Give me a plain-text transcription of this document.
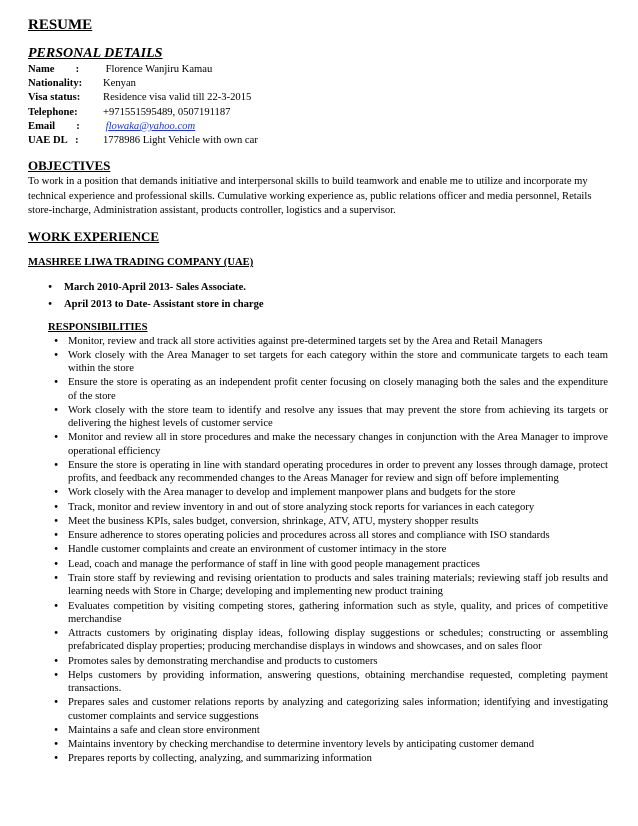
RESUME
PERSONAL DETAILS
Name        :	Florence Wanjiru Kamau
Nationality:	Kenyan
Visa status:	Residence visa valid till 22-3-2015
Telephone:	+971551595489, 0507191187
Email        :	flowaka@yahoo.com
UAE DL   :	1778986 Light Vehicle with own car
OBJECTIVES
To work in a position that demands initiative and interpersonal skills to build teamwork and enable me to utilize and incorporate my technical experience and professional skills. Cumulative working experience as, public relations officer and media personnel, Retails store-incharge, Administration assistant, products controller, logistics and a supervisor.
WORK EXPERIENCE
MASHREE LIWA TRADING COMPANY (UAE)
•	March 2010-April 2013- Sales Associate.
•	April 2013 to Date- Assistant store in charge
RESPONSIBILITIES
• Monitor, review and track all store activities against pre-determined targets set by the Area and Retail Managers
• Work closely with the Area Manager to set targets for each category within the store and communicate targets to each team within the store
• Ensure the store is operating as an independent profit center focusing on closely managing both the sales and the expenditure of the store
• Work closely with the store team to identify and resolve any issues that may prevent the store from achieving its targets or delivering the highest levels of customer service
• Monitor and review all in store procedures and make the necessary changes in conjunction with the Area Manager to improve operational efficiency
• Ensure the store is operating in line with standard operating procedures in order to prevent any losses through damage, protect profits, and feedback any recommended changes to the Areas Manager for review and sign off before implementing
• Work closely with the Area manager to develop and implement manpower plans and budgets for the store
• Track, monitor and review inventory in and out of store analyzing stock reports for variances in each category
• Meet the business KPIs, sales budget, conversion, shrinkage, ATV, ATU, mystery shopper results
• Ensure adherence to stores operating policies and procedures across all stores and compliance with ISO standards
• Handle customer complaints and create an environment of customer intimacy in the store
• Lead, coach and manage the performance of staff in line with good people management practices
• Train store staff by reviewing and revising orientation to products and sales training materials; reviewing staff job results and learning needs with Store in Charge; developing and implementing new product training
• Evaluates competition by visiting competing stores, gathering information such as style, quality, and prices of competitive merchandise
• Attracts customers by originating display ideas, following display suggestions or schedules; constructing or assembling prefabricated display properties; producing merchandise displays in windows and showcases, and on sales floor
• Promotes sales by demonstrating merchandise and products to customers
• Helps customers by providing information, answering questions, obtaining merchandise requested, completing payment transactions.
• Prepares sales and customer relations reports by analyzing and categorizing sales information; identifying and investigating customer complaints and service suggestions
• Maintains a safe and clean store environment
• Maintains inventory by checking merchandise to determine inventory levels by anticipating customer demand
• Prepares reports by collecting, analyzing, and summarizing information
